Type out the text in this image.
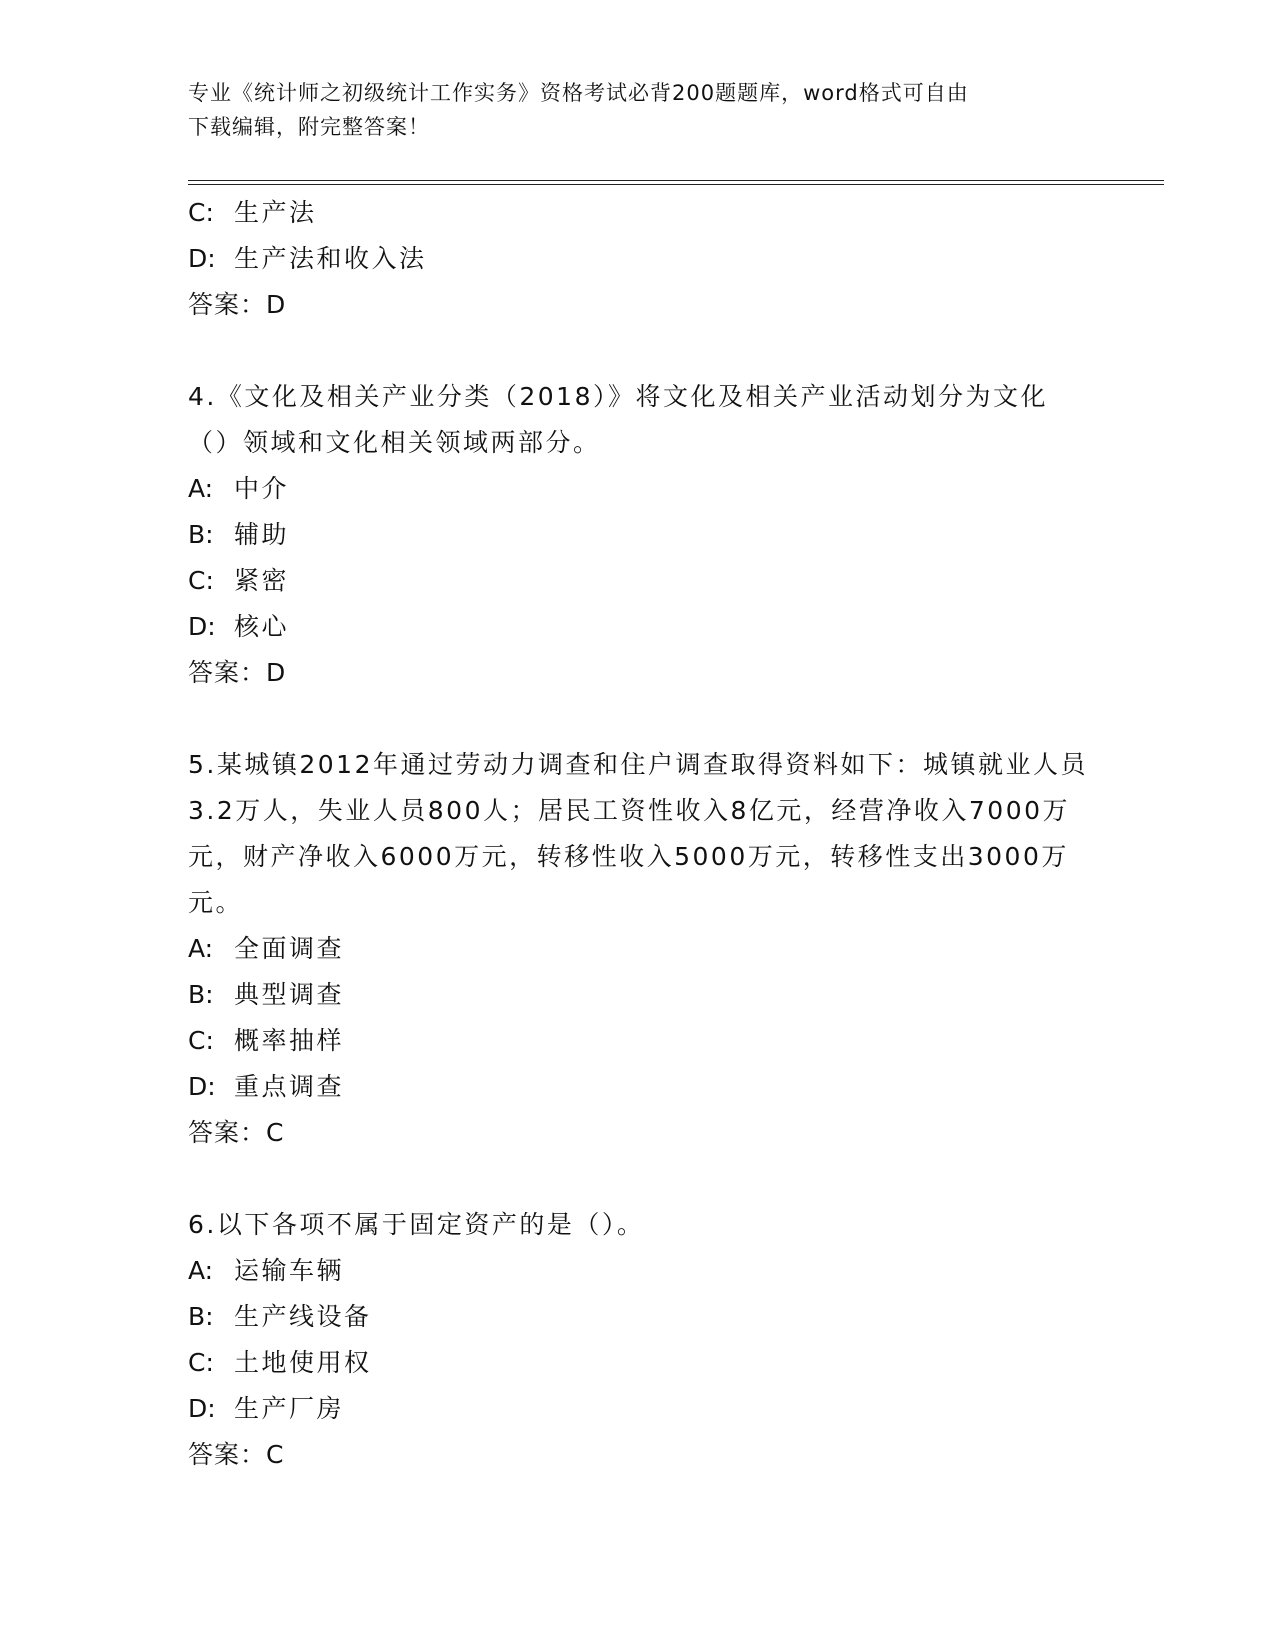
专业《统计师之初级统计工作实务》资格考试必背200题题库，word格式可自由
下载编辑，附完整答案！
C: 生产法
D: 生产法和收入法
答案：D
4.《文化及相关产业分类（2018）》将文化及相关产业活动划分为文化（）领域和文化相关领域两部分。
A: 中介
B: 辅助
C: 紧密
D: 核心
答案：D
5.某城镇2012年通过劳动力调查和住户调查取得资料如下：城镇就业人员3.2万人，失业人员800人；居民工资性收入8亿元，经营净收入7000万元，财产净收入6000万元，转移性收入5000万元，转移性支出3000万元。
A: 全面调查
B: 典型调查
C: 概率抽样
D: 重点调查
答案：C
6.以下各项不属于固定资产的是（）。
A: 运输车辆
B: 生产线设备
C: 土地使用权
D: 生产厂房
答案：C
